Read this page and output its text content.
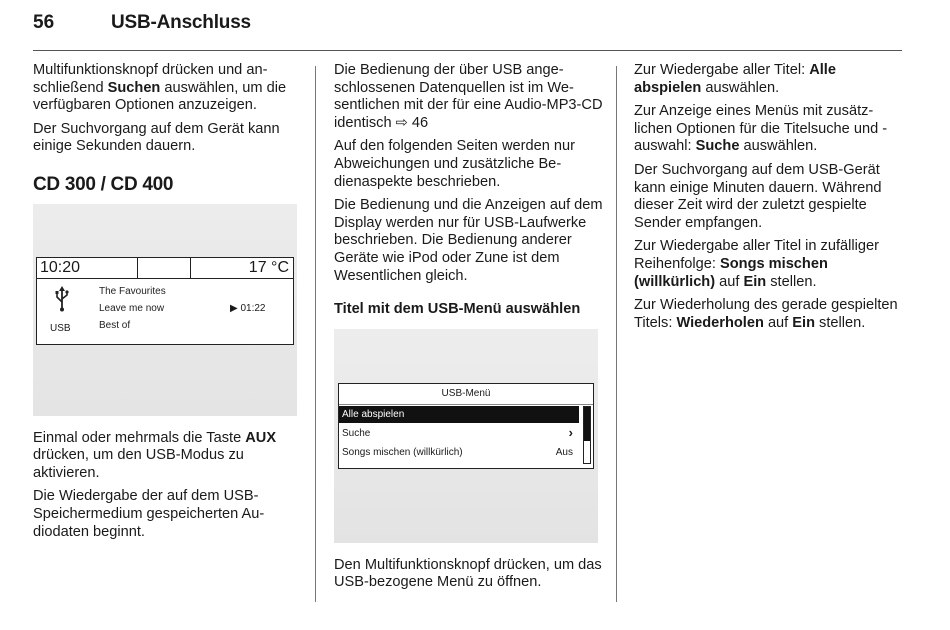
56	USB-Anschluss

Multifunktionsknopf drücken und anschließend Suchen auswählen, um die verfügbaren Optionen anzuzeigen.

Der Suchvorgang auf dem Gerät kann einige Sekunden dauern.

CD 300 / CD 400
10:20	17 °C
USB
The Favourites
Leave me now
Best of
▶ 01:22

Einmal oder mehrmals die Taste AUX drücken, um den USB-Modus zu aktivieren.

Die Wiedergabe der auf dem USB-Speichermedium gespeicherten Audiodaten beginnt.

Die Bedienung der über USB angeschlossenen Datenquellen ist im Wesentlichen mit der für eine Audio-MP3-CD identisch ⇨ 46

Auf den folgenden Seiten werden nur Abweichungen und zusätzliche Bedienaspekte beschrieben.

Die Bedienung und die Anzeigen auf dem Display werden nur für USB-Laufwerke beschrieben. Die Bedienung anderer Geräte wie iPod oder Zune ist dem Wesentlichen gleich.

Titel mit dem USB-Menü auswählen
USB-Menü
Alle abspielen
Suche	›
Songs mischen (willkürlich)	Aus

Den Multifunktionsknopf drücken, um das USB-bezogene Menü zu öffnen.

Zur Wiedergabe aller Titel: Alle abspielen auswählen.

Zur Anzeige eines Menüs mit zusätzlichen Optionen für die Titelsuche und -auswahl: Suche auswählen.

Der Suchvorgang auf dem USB-Gerät kann einige Minuten dauern. Während dieser Zeit wird der zuletzt gespielte Sender empfangen.

Zur Wiedergabe aller Titel in zufälliger Reihenfolge: Songs mischen (willkürlich) auf Ein stellen.

Zur Wiederholung des gerade gespielten Titels: Wiederholen auf Ein stellen.
